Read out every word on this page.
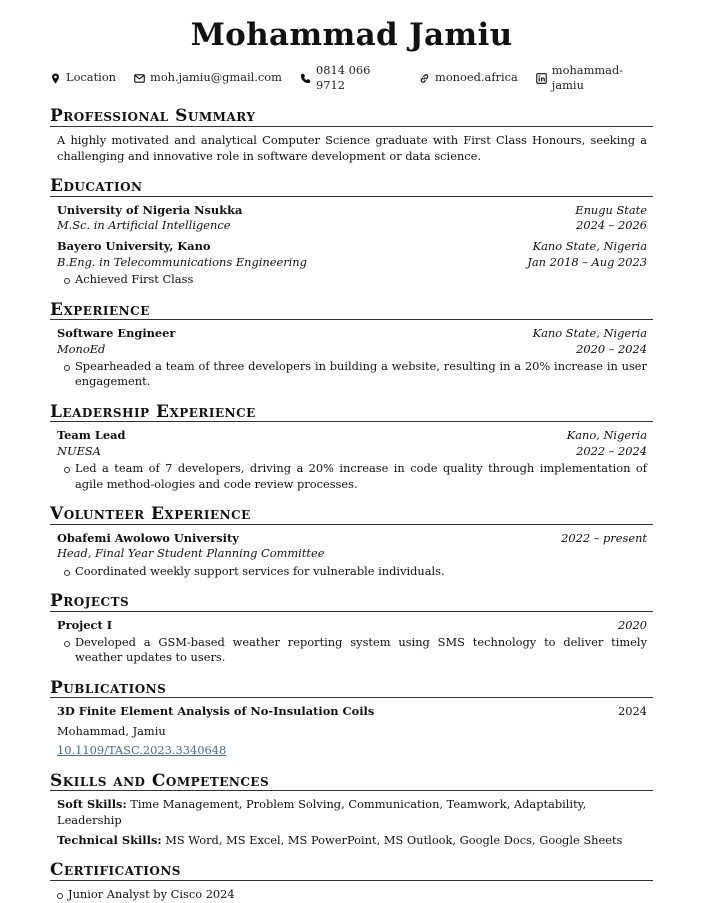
Mohammad Jamiu
Location	moh.jamiu@gmail.com
0814 066 9712
monoed.africa
mohammad-jamiu
Professional Summary
A highly motivated and analytical Computer Science graduate with First Class Honours, seeking a challenging and innovative role in software development or data science.
Education
University of Nigeria Nsukka	Enugu State
M.Sc. in Artificial Intelligence	2024 – 2026
Bayero University, Kano	Kano State, Nigeria
B.Eng. in Telecommunications Engineering	Jan 2018 – Aug 2023
Achieved First Class
Experience
Software Engineer	Kano State, Nigeria
MonoEd	2020 – 2024
Spearheaded a team of three developers in building a website, resulting in a 20% increase in user engagement.
Leadership Experience
Team Lead	Kano, Nigeria
NUESA	2022 – 2024
Led a team of 7 developers, driving a 20% increase in code quality through implementation of agile method-ologies and code review processes.
Volunteer Experience
Obafemi Awolowo University	2022 – present
Head, Final Year Student Planning Committee
Coordinated weekly support services for vulnerable individuals.
Projects
Project I	2020
Developed a GSM-based weather reporting system using SMS technology to deliver timely weather updates to users.
Publications
3D Finite Element Analysis of No-Insulation Coils	2024
Mohammad, Jamiu
10.1109/TASC.2023.3340648
Skills and Competences
Soft Skills: Time Management, Problem Solving, Communication, Teamwork, Adaptability, Leadership
Technical Skills: MS Word, MS Excel, MS PowerPoint, MS Outlook, Google Docs, Google Sheets
Certifications
Junior Analyst by Cisco 2024
